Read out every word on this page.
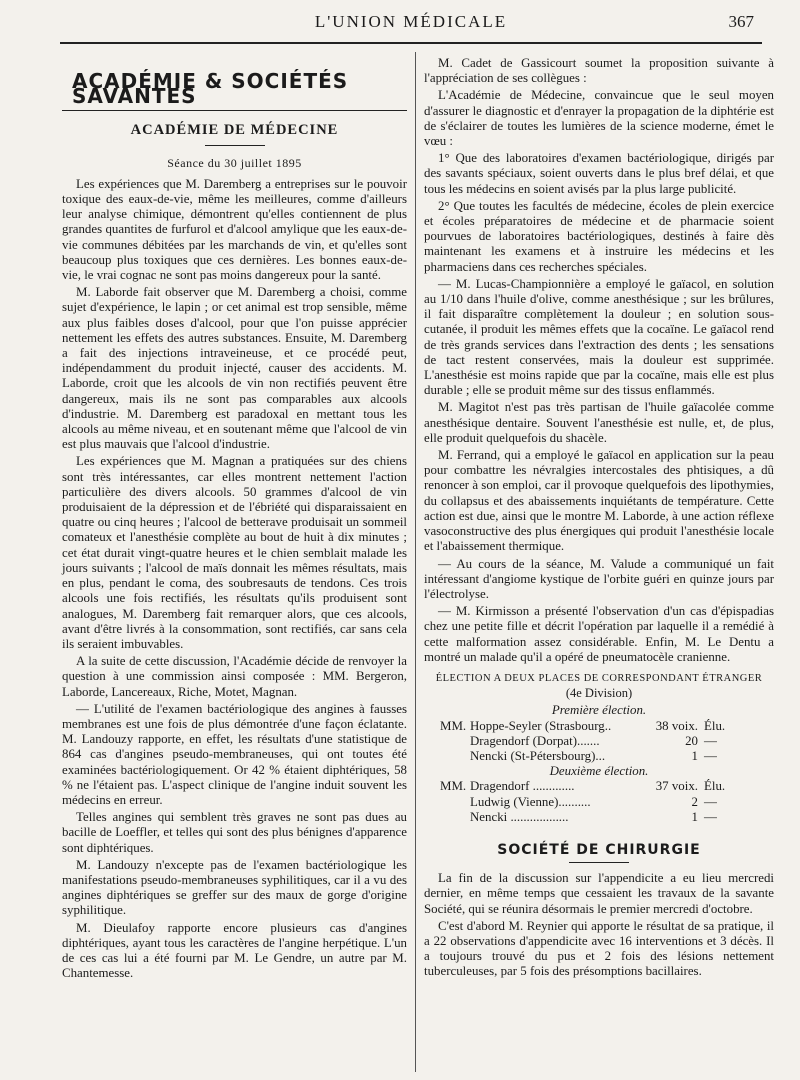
L'UNION MÉDICALE	367
ACADÉMIE & SOCIÉTÉS SAVANTES
ACADÉMIE DE MÉDECINE
Séance du 30 juillet 1895

Les expériences que M. Daremberg a entreprises sur le pouvoir toxique des eaux-de-vie, même les meilleures, comme d'ailleurs leur analyse chimique, démontrent qu'elles contiennent de plus grandes quantites de furfurol et d'alcool amylique que les eaux-de-vie communes débitées par les marchands de vin, et qu'elles sont beaucoup plus toxiques que ces dernières. Les bonnes eaux-de-vie, le vrai cognac ne sont pas moins dangereux pour la santé.

M. Laborde fait observer que M. Daremberg a choisi, comme sujet d'expérience, le lapin ; or cet animal est trop sensible, même aux plus faibles doses d'alcool, pour que l'on puisse apprécier nettement les effets des autres substances. Ensuite, M. Daremberg a fait des injections intraveineuse, et ce procédé peut, indépendamment du produit injecté, causer des accidents. M. Laborde, croit que les alcools de vin non rectifiés peuvent être dangereux, mais ils ne sont pas comparables aux alcools d'industrie. M. Daremberg est paradoxal en mettant tous les alcools au même niveau, et en soutenant même que l'alcool de vin est plus mauvais que l'alcool d'industrie.

Les expériences que M. Magnan a pratiquées sur des chiens sont très intéressantes, car elles montrent nettement l'action particulière des divers alcools. 50 grammes d'alcool de vin produisaient de la dépression et de l'ébriété qui disparaissaient en quatre ou cinq heures ; l'alcool de betterave produisait un sommeil comateux et l'anesthésie complète au bout de huit à dix minutes ; cet état durait vingt-quatre heures et le chien semblait malade les jours suivants ; l'alcool de maïs donnait les mêmes résultats, mais en plus, pendant le coma, des soubresauts de tendons. Ces trois alcools une fois rectifiés, les résultats qu'ils produisent sont analogues, M. Daremberg fait remarquer alors, que ces alcools, avant d'être livrés à la consommation, sont rectifiés, car sans cela ils seraient imbuvables.

A la suite de cette discussion, l'Académie décide de renvoyer la question à une commission ainsi composée : MM. Bergeron, Laborde, Lancereaux, Riche, Motet, Magnan.

— L'utilité de l'examen bactériologique des angines à fausses membranes est une fois de plus démontrée d'une façon éclatante. M. Landouzy rapporte, en effet, les résultats d'une statistique de 864 cas d'angines pseudo-membraneuses, qui ont toutes été examinées bactériologiquement. Or 42 % étaient diphtériques, 58 % ne l'étaient pas. L'aspect clinique de l'angine induit souvent les médecins en erreur.

Telles angines qui semblent très graves ne sont pas dues au bacille de Loeffler, et telles qui sont des plus bénignes d'apparence sont diphtériques.

M. Landouzy n'excepte pas de l'examen bactériologique les manifestations pseudo-membraneuses syphilitiques, car il a vu des angines diphtériques se greffer sur des maux de gorge d'origine syphilitique.

M. Dieulafoy rapporte encore plusieurs cas d'angines diphtériques, ayant tous les caractères de l'angine herpétique. L'un de ces cas lui a été fourni par M. Le Gendre, un autre par M. Chantemesse.

M. Cadet de Gassicourt soumet la proposition suivante à l'appréciation de ses collègues :

L'Académie de Médecine, convaincue que le seul moyen d'assurer le diagnostic et d'enrayer la propagation de la diphtérie est de s'éclairer de toutes les lumières de la science moderne, émet le vœu :

1° Que des laboratoires d'examen bactériologique, dirigés par des savants spéciaux, soient ouverts dans le plus bref délai, et que tous les médecins en soient avisés par la plus large publicité.

2° Que toutes les facultés de médecine, écoles de plein exercice et écoles préparatoires de médecine et de pharmacie soient pourvues de laboratoires bactériologiques, destinés à faire dès maintenant les examens et à instruire les médecins et les pharmaciens dans ces recherches spéciales.

— M. Lucas-Championnière a employé le gaïacol, en solution au 1/10 dans l'huile d'olive, comme anesthésique ; sur les brûlures, il fait disparaître complètement la douleur ; en solution sous-cutanée, il produit les mêmes effets que la cocaïne. Le gaïacol rend de très grands services dans l'extraction des dents ; les sensations de tact restent conservées, mais la douleur est supprimée. L'anesthésie est moins rapide que par la cocaïne, mais elle est plus durable ; elle se produit même sur des tissus enflammés.

M. Magitot n'est pas très partisan de l'huile gaïacolée comme anesthésique dentaire. Souvent l'anesthésie est nulle, et, de plus, elle produit quelquefois du shacèle.

M. Ferrand, qui a employé le gaïacol en application sur la peau pour combattre les névralgies intercostales des phtisiques, a dû renoncer à son emploi, car il provoque quelquefois des lipothymies, du collapsus et des abaissements inquiétants de température. Cette action est due, ainsi que le montre M. Laborde, à une action réflexe vasoconstructive des plus énergiques qui produit l'anesthésie locale et l'abaissement thermique.

— Au cours de la séance, M. Valude a communiqué un fait intéressant d'angiome kystique de l'orbite guéri en quinze jours par l'électrolyse.

— M. Kirmisson a présenté l'observation d'un cas d'épispadias chez une petite fille et décrit l'opération par laquelle il a remédié à cette malformation assez considérable. Enfin, M. Le Dentu a montré un malade qu'il a opéré de pneumatocèle cranienne.

ÉLECTION A DEUX PLACES DE CORRESPONDANT ÉTRANGER
(4e Division)
Première élection.
MM.	Hoppe-Seyler (Strasbourg..	38 voix.	Élu.
	Dragendorf (Dorpat).......	20	—
	Nencki (St-Pétersbourg)...	1	—
Deuxième élection.
MM.	Dragendorf .............	37 voix.	Élu.
	Ludwig (Vienne)..........	2	—
	Nencki ..................	1	—
SOCIÉTÉ DE CHIRURGIE

La fin de la discussion sur l'appendicite a eu lieu mercredi dernier, en même temps que cessaient les travaux de la savante Société, qui se réunira désormais le premier mercredi d'octobre.

C'est d'abord M. Reynier qui apporte le résultat de sa pratique, il a 22 observations d'appendicite avec 16 interventions et 3 décès. Il a toujours trouvé du pus et 2 fois des lésions nettement tuberculeuses, par 5 fois des présomptions bacillaires.
